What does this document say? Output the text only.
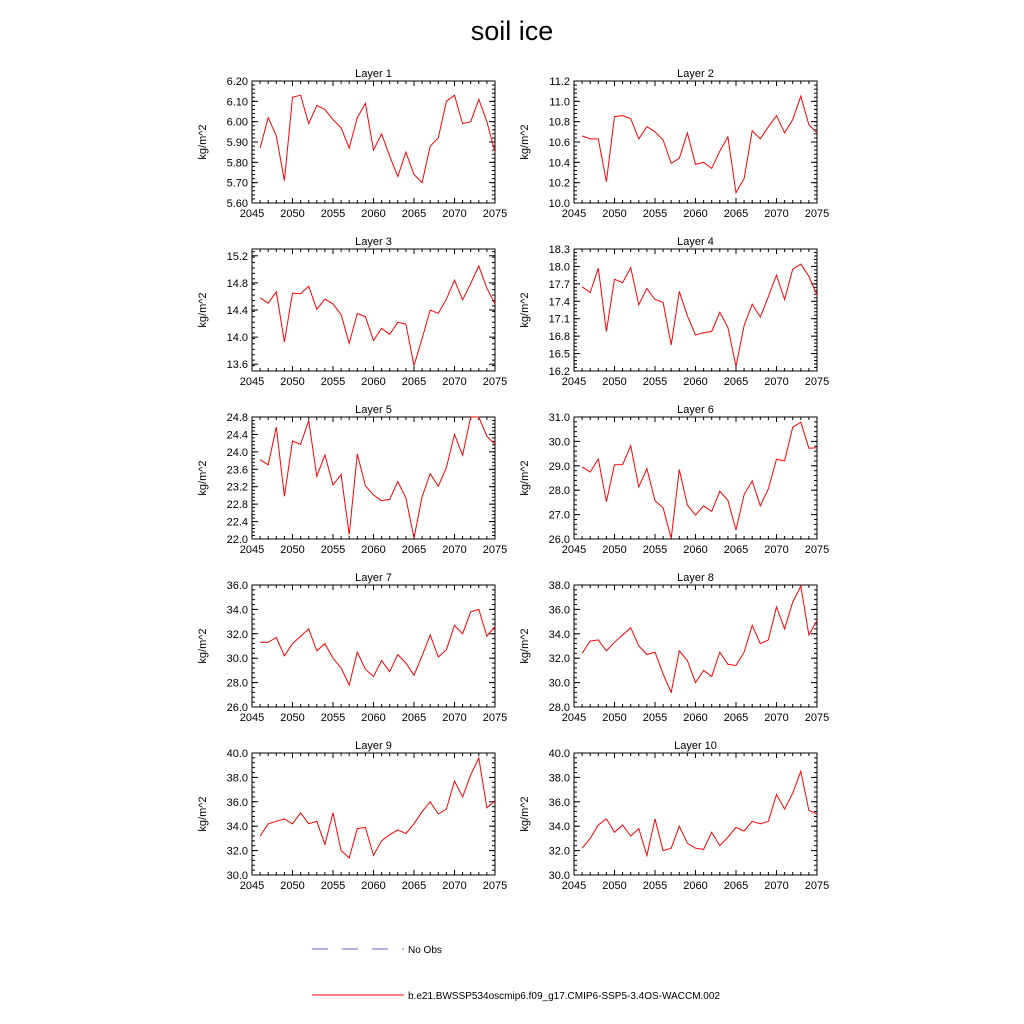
soil ice
Layer 1
kg/m^2
2045 2050 2055 2060 2065 2070 2075
5.60
5.70
5.80
5.90
6.00
6.10
6.20
Layer 2
kg/m^2
2045 2050 2055 2060 2065 2070 2075
10.0
10.2
10.4
10.6
10.8
11.0
11.2
Layer 3
kg/m^2
2045 2050 2055 2060 2065 2070 2075
13.6
14.0
14.4
14.8
15.2
Layer 4
kg/m^2
2045 2050 2055 2060 2065 2070 2075
16.2
16.5
16.8
17.1
17.4
17.7
18.0
18.3
Layer 5
kg/m^2
2045 2050 2055 2060 2065 2070 2075
22.0
22.4
22.8
23.2
23.6
24.0
24.4
24.8
Layer 6
kg/m^2
2045 2050 2055 2060 2065 2070 2075
26.0
27.0
28.0
29.0
30.0
31.0
Layer 7
kg/m^2
2045 2050 2055 2060 2065 2070 2075
26.0
28.0
30.0
32.0
34.0
36.0
Layer 8
kg/m^2
2045 2050 2055 2060 2065 2070 2075
28.0
30.0
32.0
34.0
36.0
38.0
Layer 9
kg/m^2
2045 2050 2055 2060 2065 2070 2075
30.0
32.0
34.0
36.0
38.0
40.0
Layer 10
kg/m^2
2045 2050 2055 2060 2065 2070 2075
30.0
32.0
34.0
36.0
38.0
40.0
No Obs
b.e21.BWSSP534oscmip6.f09_g17.CMIP6-SSP5-3.4OS-WACCM.002
